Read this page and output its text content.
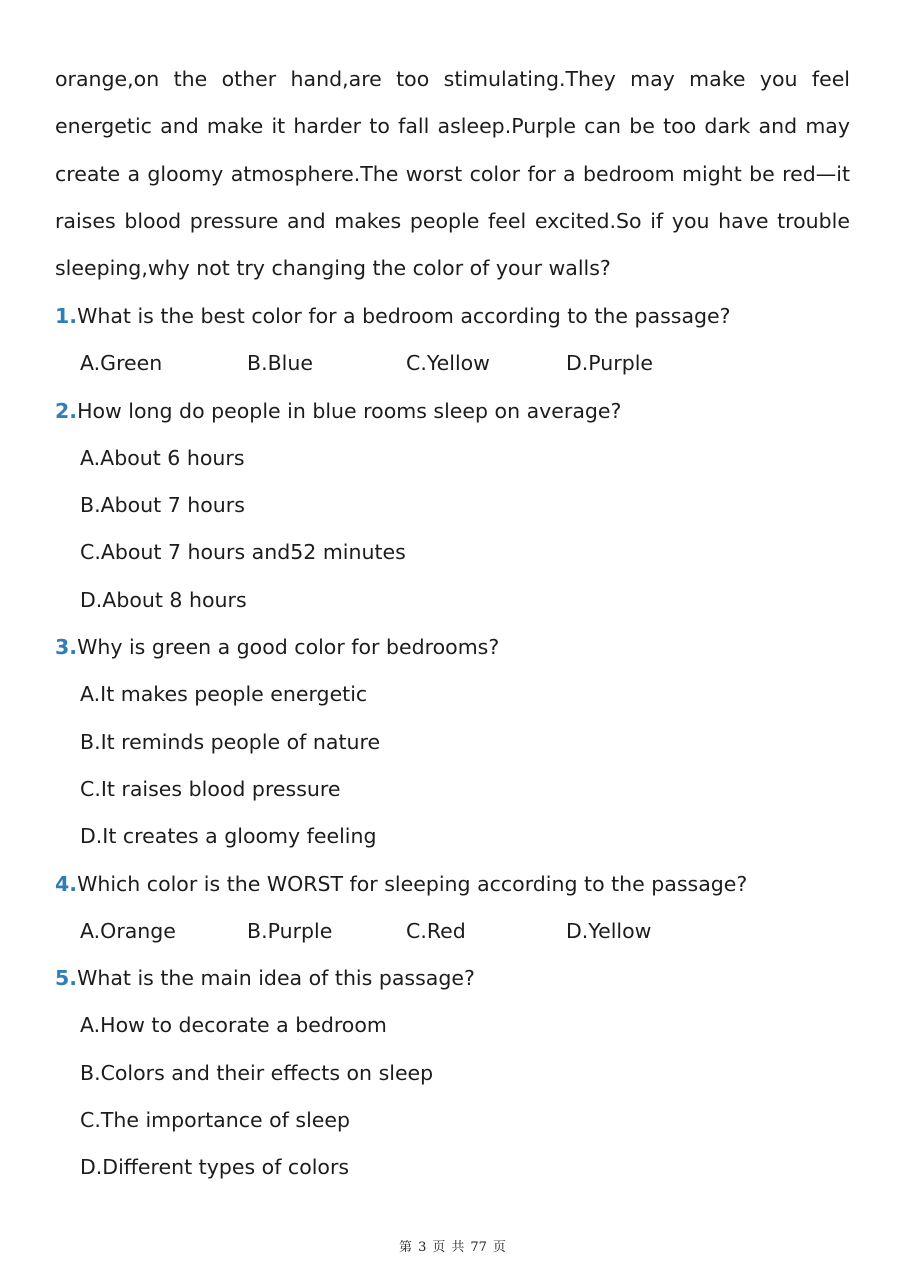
orange,on the other hand,are too stimulating.They may make you feel
energetic and make it harder to fall asleep.Purple can be too dark and may
create a gloomy atmosphere.The worst color for a bedroom might be red—it
raises blood pressure and makes people feel excited.So if you have trouble
sleeping,why not try changing the color of your walls?
1.What is the best color for a bedroom according to the passage?
A.Green	B.Blue	C.Yellow	D.Purple
2.How long do people in blue rooms sleep on average?
A.About 6 hours
B.About 7 hours
C.About 7 hours and52 minutes
D.About 8 hours
3.Why is green a good color for bedrooms?
A.It makes people energetic
B.It reminds people of nature
C.It raises blood pressure
D.It creates a gloomy feeling
4.Which color is the WORST for sleeping according to the passage?
A.Orange	B.Purple	C.Red	D.Yellow
5.What is the main idea of this passage?
A.How to decorate a bedroom
B.Colors and their effects on sleep
C.The importance of sleep
D.Different types of colors
第 3 页 共 77 页
